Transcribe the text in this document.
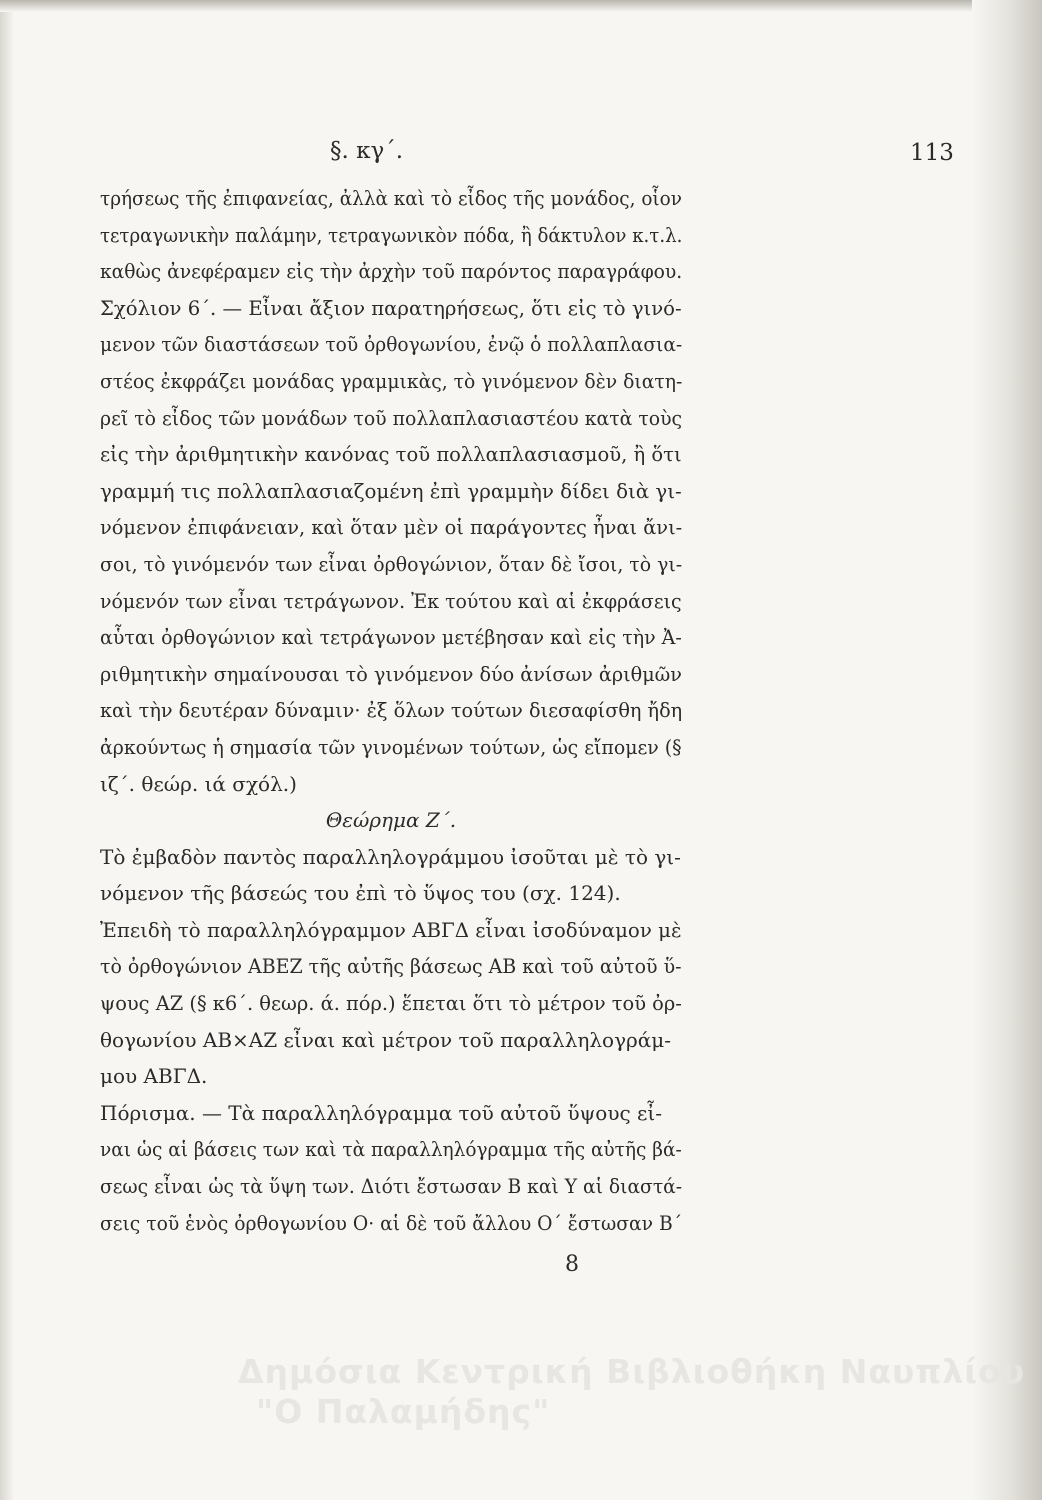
§. κγ΄.	113
τρήσεως τῆς ἐπιφανείας, ἀλλὰ καὶ τὸ εἶδος τῆς μονάδος, οἷον
τετραγωνικὴν παλάμην, τετραγωνικὸν πόδα, ἢ δάκτυλον κ.τ.λ.
καθὼς ἀνεφέραμεν εἰς τὴν ἀρχὴν τοῦ παρόντος παραγράφου.
Σχόλιον 6΄. — Εἶναι ἄξιον παρατηρήσεως, ὅτι εἰς τὸ γινό-
μενον τῶν διαστάσεων τοῦ ὀρθογωνίου, ἐνῷ ὁ πολλαπλασια-
στέος ἐκφράζει μονάδας γραμμικὰς, τὸ γινόμενον δὲν διατη-
ρεῖ τὸ εἶδος τῶν μονάδων τοῦ πολλαπλασιαστέου κατὰ τοὺς
εἰς τὴν ἀριθμητικὴν κανόνας τοῦ πολλαπλασιασμοῦ, ἢ ὅτι
γραμμή τις πολλαπλασιαζομένη ἐπὶ γραμμὴν δίδει διὰ γι-
νόμενον ἐπιφάνειαν, καὶ ὅταν μὲν οἱ παράγοντες ἦναι ἄνι-
σοι, τὸ γινόμενόν των εἶναι ὀρθογώνιον, ὅταν δὲ ἴσοι, τὸ γι-
νόμενόν των εἶναι τετράγωνον. Ἐκ τούτου καὶ αἱ ἐκφράσεις
αὗται ὀρθογώνιον καὶ τετράγωνον μετέβησαν καὶ εἰς τὴν Ἀ-
ριθμητικὴν σημαίνουσαι τὸ γινόμενον δύο ἀνίσων ἀριθμῶν
καὶ τὴν δευτέραν δύναμιν· ἐξ ὅλων τούτων διεσαφίσθη ἤδη
ἀρκούντως ἡ σημασία τῶν γινομένων τούτων, ὡς εἴπομεν (§
ιζ΄. θεώρ. ιά σχόλ.)
Θεώρημα Ζ΄.
Τὸ ἐμβαδὸν παντὸς παραλληλογράμμου ἰσοῦται μὲ τὸ γι-
νόμενον τῆς βάσεώς του ἐπὶ τὸ ὕψος του (σχ. 124).
Ἐπειδὴ τὸ παραλληλόγραμμον ΑΒΓΔ εἶναι ἰσοδύναμον μὲ
τὸ ὀρθογώνιον ΑΒΕΖ τῆς αὐτῆς βάσεως ΑΒ καὶ τοῦ αὐτοῦ ὕ-
ψους ΑΖ (§ κ6΄. θεωρ. ά. πόρ.) ἕπεται ὅτι τὸ μέτρον τοῦ ὀρ-
θογωνίου ΑΒ×ΑΖ εἶναι καὶ μέτρον τοῦ παραλληλογράμ-
μου ΑΒΓΔ.
Πόρισμα. — Τὰ παραλληλόγραμμα τοῦ αὐτοῦ ὕψους εἶ-
ναι ὡς αἱ βάσεις των καὶ τὰ παραλληλόγραμμα τῆς αὐτῆς βά-
σεως εἶναι ὡς τὰ ὕψη των. Διότι ἔστωσαν Β καὶ Υ αἱ διαστά-
σεις τοῦ ἑνὸς ὀρθογωνίου Ο· αἱ δὲ τοῦ ἄλλου Ο΄ ἔστωσαν Β΄
8
Δημόσια Κεντρική Βιβλιοθήκη Ναυπλίου
"Ο Παλαμήδης"
